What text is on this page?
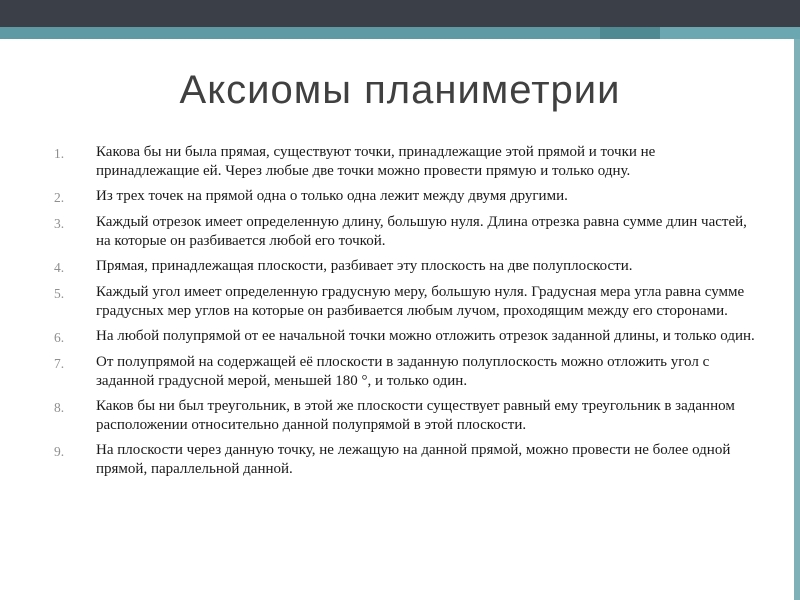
Аксиомы планиметрии
1.	Какова бы ни была прямая, существуют точки, принадлежащие этой прямой и точки не принадлежащие ей. Через любые две точки можно провести прямую и только одну.
2.	Из трех точек на прямой одна о только одна лежит между двумя другими.
3.	Каждый отрезок имеет определенную длину, большую нуля. Длина отрезка равна сумме длин частей, на которые он разбивается любой его точкой.
4.	Прямая, принадлежащая плоскости, разбивает эту плоскость на две полуплоскости.
5.	Каждый угол имеет определенную градусную меру, большую нуля. Градусная мера угла равна сумме градусных мер углов на которые он разбивается любым лучом, проходящим между его сторонами.
6.	На любой полупрямой от ее начальной точки можно отложить отрезок заданной длины, и только один.
7.	От полупрямой на содержащей её плоскости в заданную полуплоскость можно отложить угол с заданной градусной мерой, меньшей 180 °, и только один.
8.	Каков бы ни был треугольник, в этой же плоскости существует равный ему треугольник в заданном расположении относительно данной полупрямой в этой плоскости.
9.	На плоскости через данную точку, не лежащую на данной прямой, можно провести не более одной прямой, параллельной данной.
